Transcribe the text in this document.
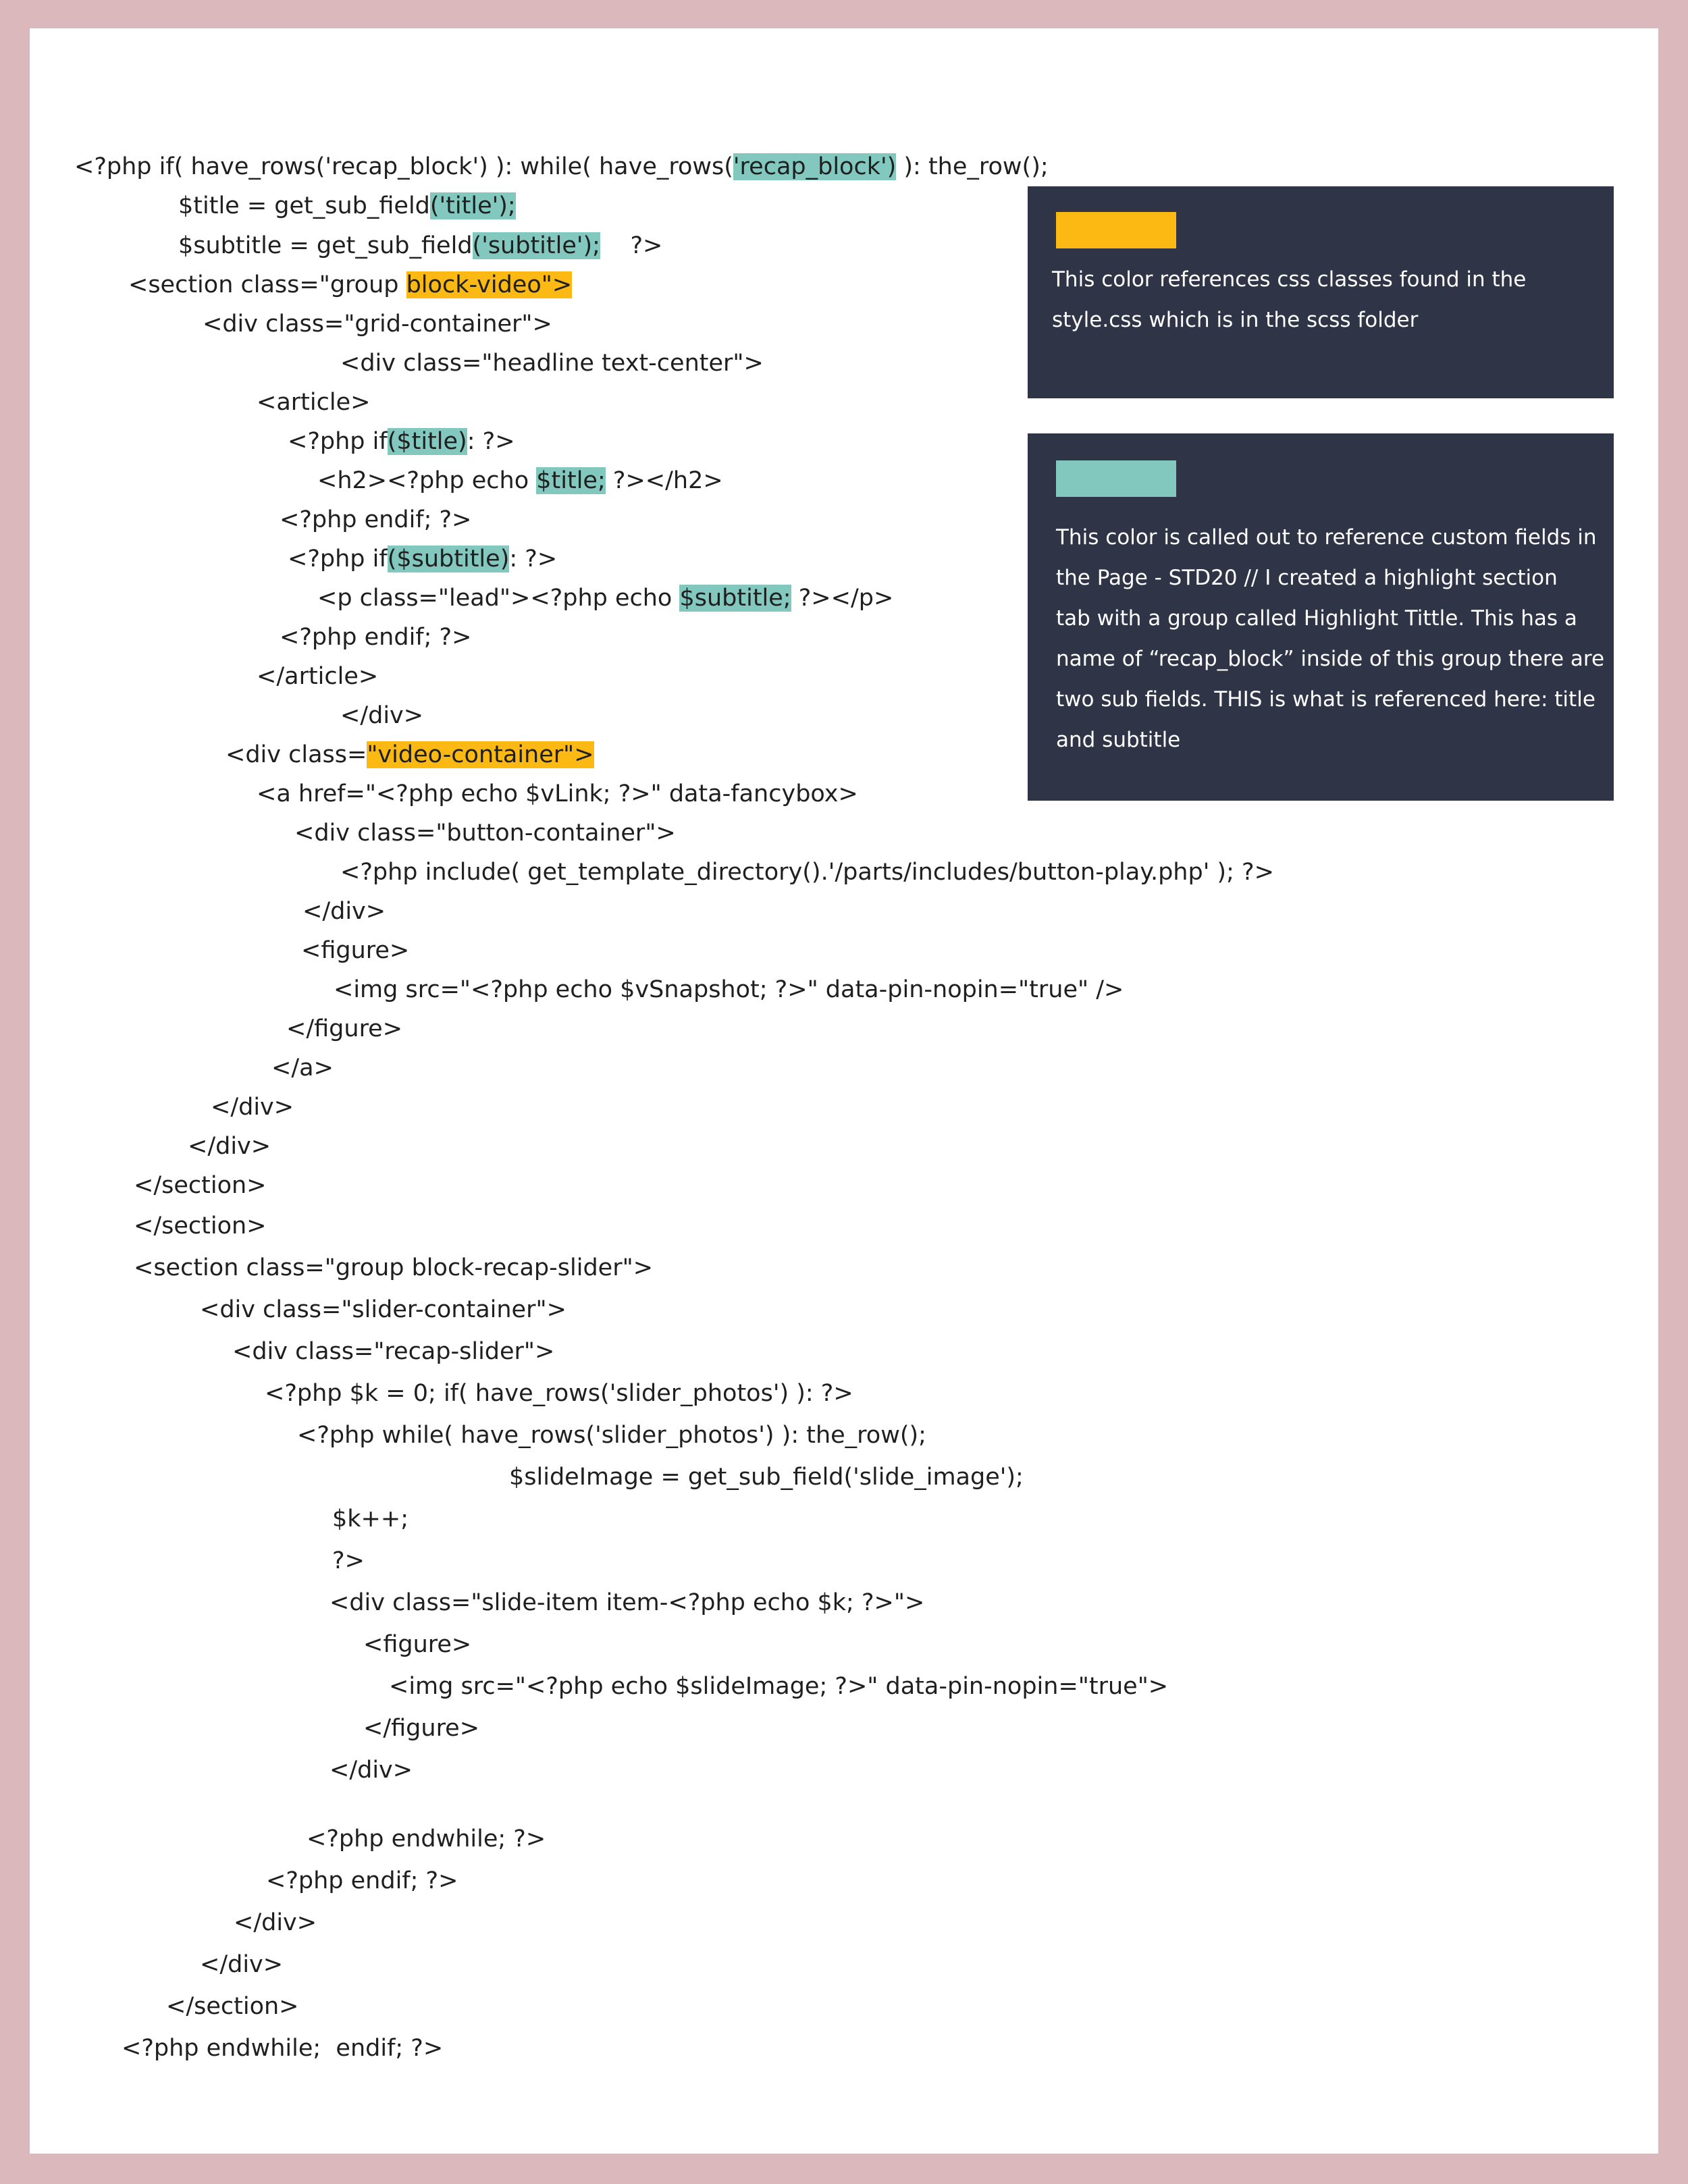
<?php if( have_rows('recap_block') ): while( have_rows('recap_block') ): the_row();
$title = get_sub_field('title');
$subtitle = get_sub_field('subtitle');    ?>
<section class="group block-video">
<div class="grid-container">
<div class="headline text-center">
<article>
<?php if($title): ?>
<h2><?php echo $title; ?></h2>
<?php endif; ?>
<?php if($subtitle): ?>
<p class="lead"><?php echo $subtitle; ?></p>
<?php endif; ?>
</article>
</div>
<div class="video-container">
<a href="<?php echo $vLink; ?>" data-fancybox>
<div class="button-container">
<?php include( get_template_directory().'/parts/includes/button-play.php' ); ?>
</div>
<figure>
<img src="<?php echo $vSnapshot; ?>" data-pin-nopin="true" />
</figure>
</a>
</div>
</div>
</section>
</section>
<section class="group block-recap-slider">
<div class="slider-container">
<div class="recap-slider">
<?php $k = 0; if( have_rows('slider_photos') ): ?>
<?php while( have_rows('slider_photos') ): the_row();
$slideImage = get_sub_field('slide_image');
$k++;
?>
<div class="slide-item item-<?php echo $k; ?>">
<figure>
<img src="<?php echo $slideImage; ?>" data-pin-nopin="true">
</figure>
</div>
<?php endwhile; ?>
<?php endif; ?>
</div>
</div>
</section>
<?php endwhile;  endif; ?>
This color references css classes found in the
style.css which is in the scss folder
This color is called out to reference custom fields in
the Page - STD20 // I created a highlight section
tab with a group called Highlight Tittle. This has a
name of “recap_block” inside of this group there are
two sub fields. THIS is what is referenced here: title
and subtitle
